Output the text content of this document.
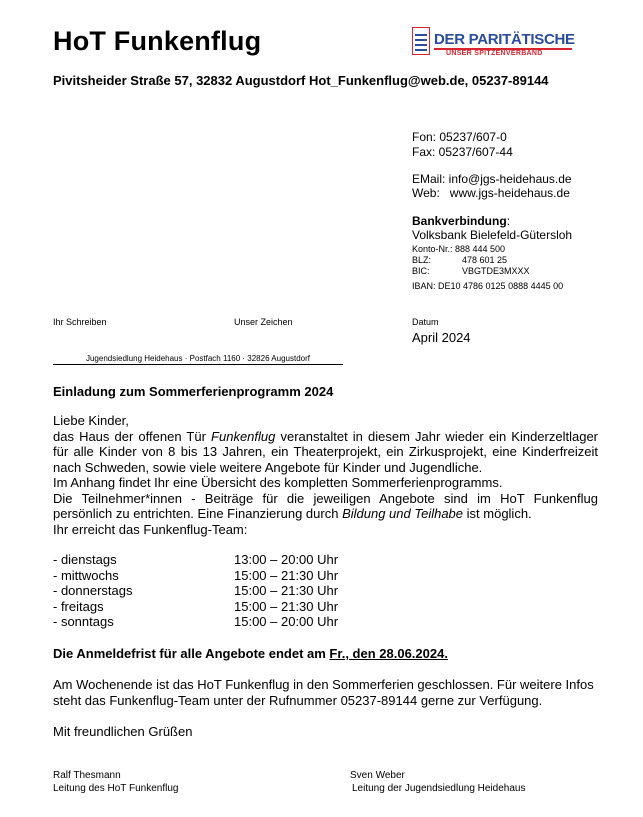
HoT Funkenflug
Pivitsheider Straße 57, 32832 Augustdorf Hot_Funkenflug@web.de, 05237-89144
DER PARITÄTISCHE
UNSER SPITZENVERBAND
Fon: 05237/607-0
Fax: 05237/607-44
EMail: info@jgs-heidehaus.de
Web:   www.jgs-heidehaus.de
Bankverbindung:
Volksbank Bielefeld-Gütersloh
Konto-Nr.: 888 444 500
BLZ:	478 601 25
BIC:	VBGTDE3MXXX
IBAN: DE10 4786 0125 0888 4445 00
Ihr Schreiben	Unser Zeichen	Datum
April 2024
Jugendsiedlung Heidehaus · Postfach 1160 · 32826 Augustdorf
Einladung zum Sommerferienprogramm 2024

Liebe Kinder,

das Haus der offenen Tür Funkenflug veranstaltet in diesem Jahr wieder ein Kinderzeltlager für alle Kinder von 8 bis 13 Jahren, ein Theaterprojekt, ein Zirkusprojekt, eine Kinderfreizeit nach Schweden, sowie viele weitere Angebote für Kinder und Jugendliche.

Im Anhang findet Ihr eine Übersicht des kompletten Sommerferienprogramms.

Die Teilnehmer*innen - Beiträge für die jeweiligen Angebote sind im HoT Funkenflug persönlich zu entrichten. Eine Finanzierung durch Bildung und Teilhabe ist möglich.

Ihr erreicht das Funkenflug-Team:

- dienstags	13:00 – 20:00 Uhr
- mittwochs	15:00 – 21:30 Uhr
- donnerstags	15:00 – 21:30 Uhr
- freitags	15:00 – 21:30 Uhr
- sonntags	15:00 – 20:00 Uhr
Die Anmeldefrist für alle Angebote endet am Fr., den 28.06.2024.
Am Wochenende ist das HoT Funkenflug in den Sommerferien geschlossen. Für weitere Infos steht das Funkenflug-Team unter der Rufnummer 05237-89144 gerne zur Verfügung.
Mit freundlichen Grüßen
Ralf Thesmann
Leitung des HoT Funkenflug
Sven Weber
Leitung der Jugendsiedlung Heidehaus
